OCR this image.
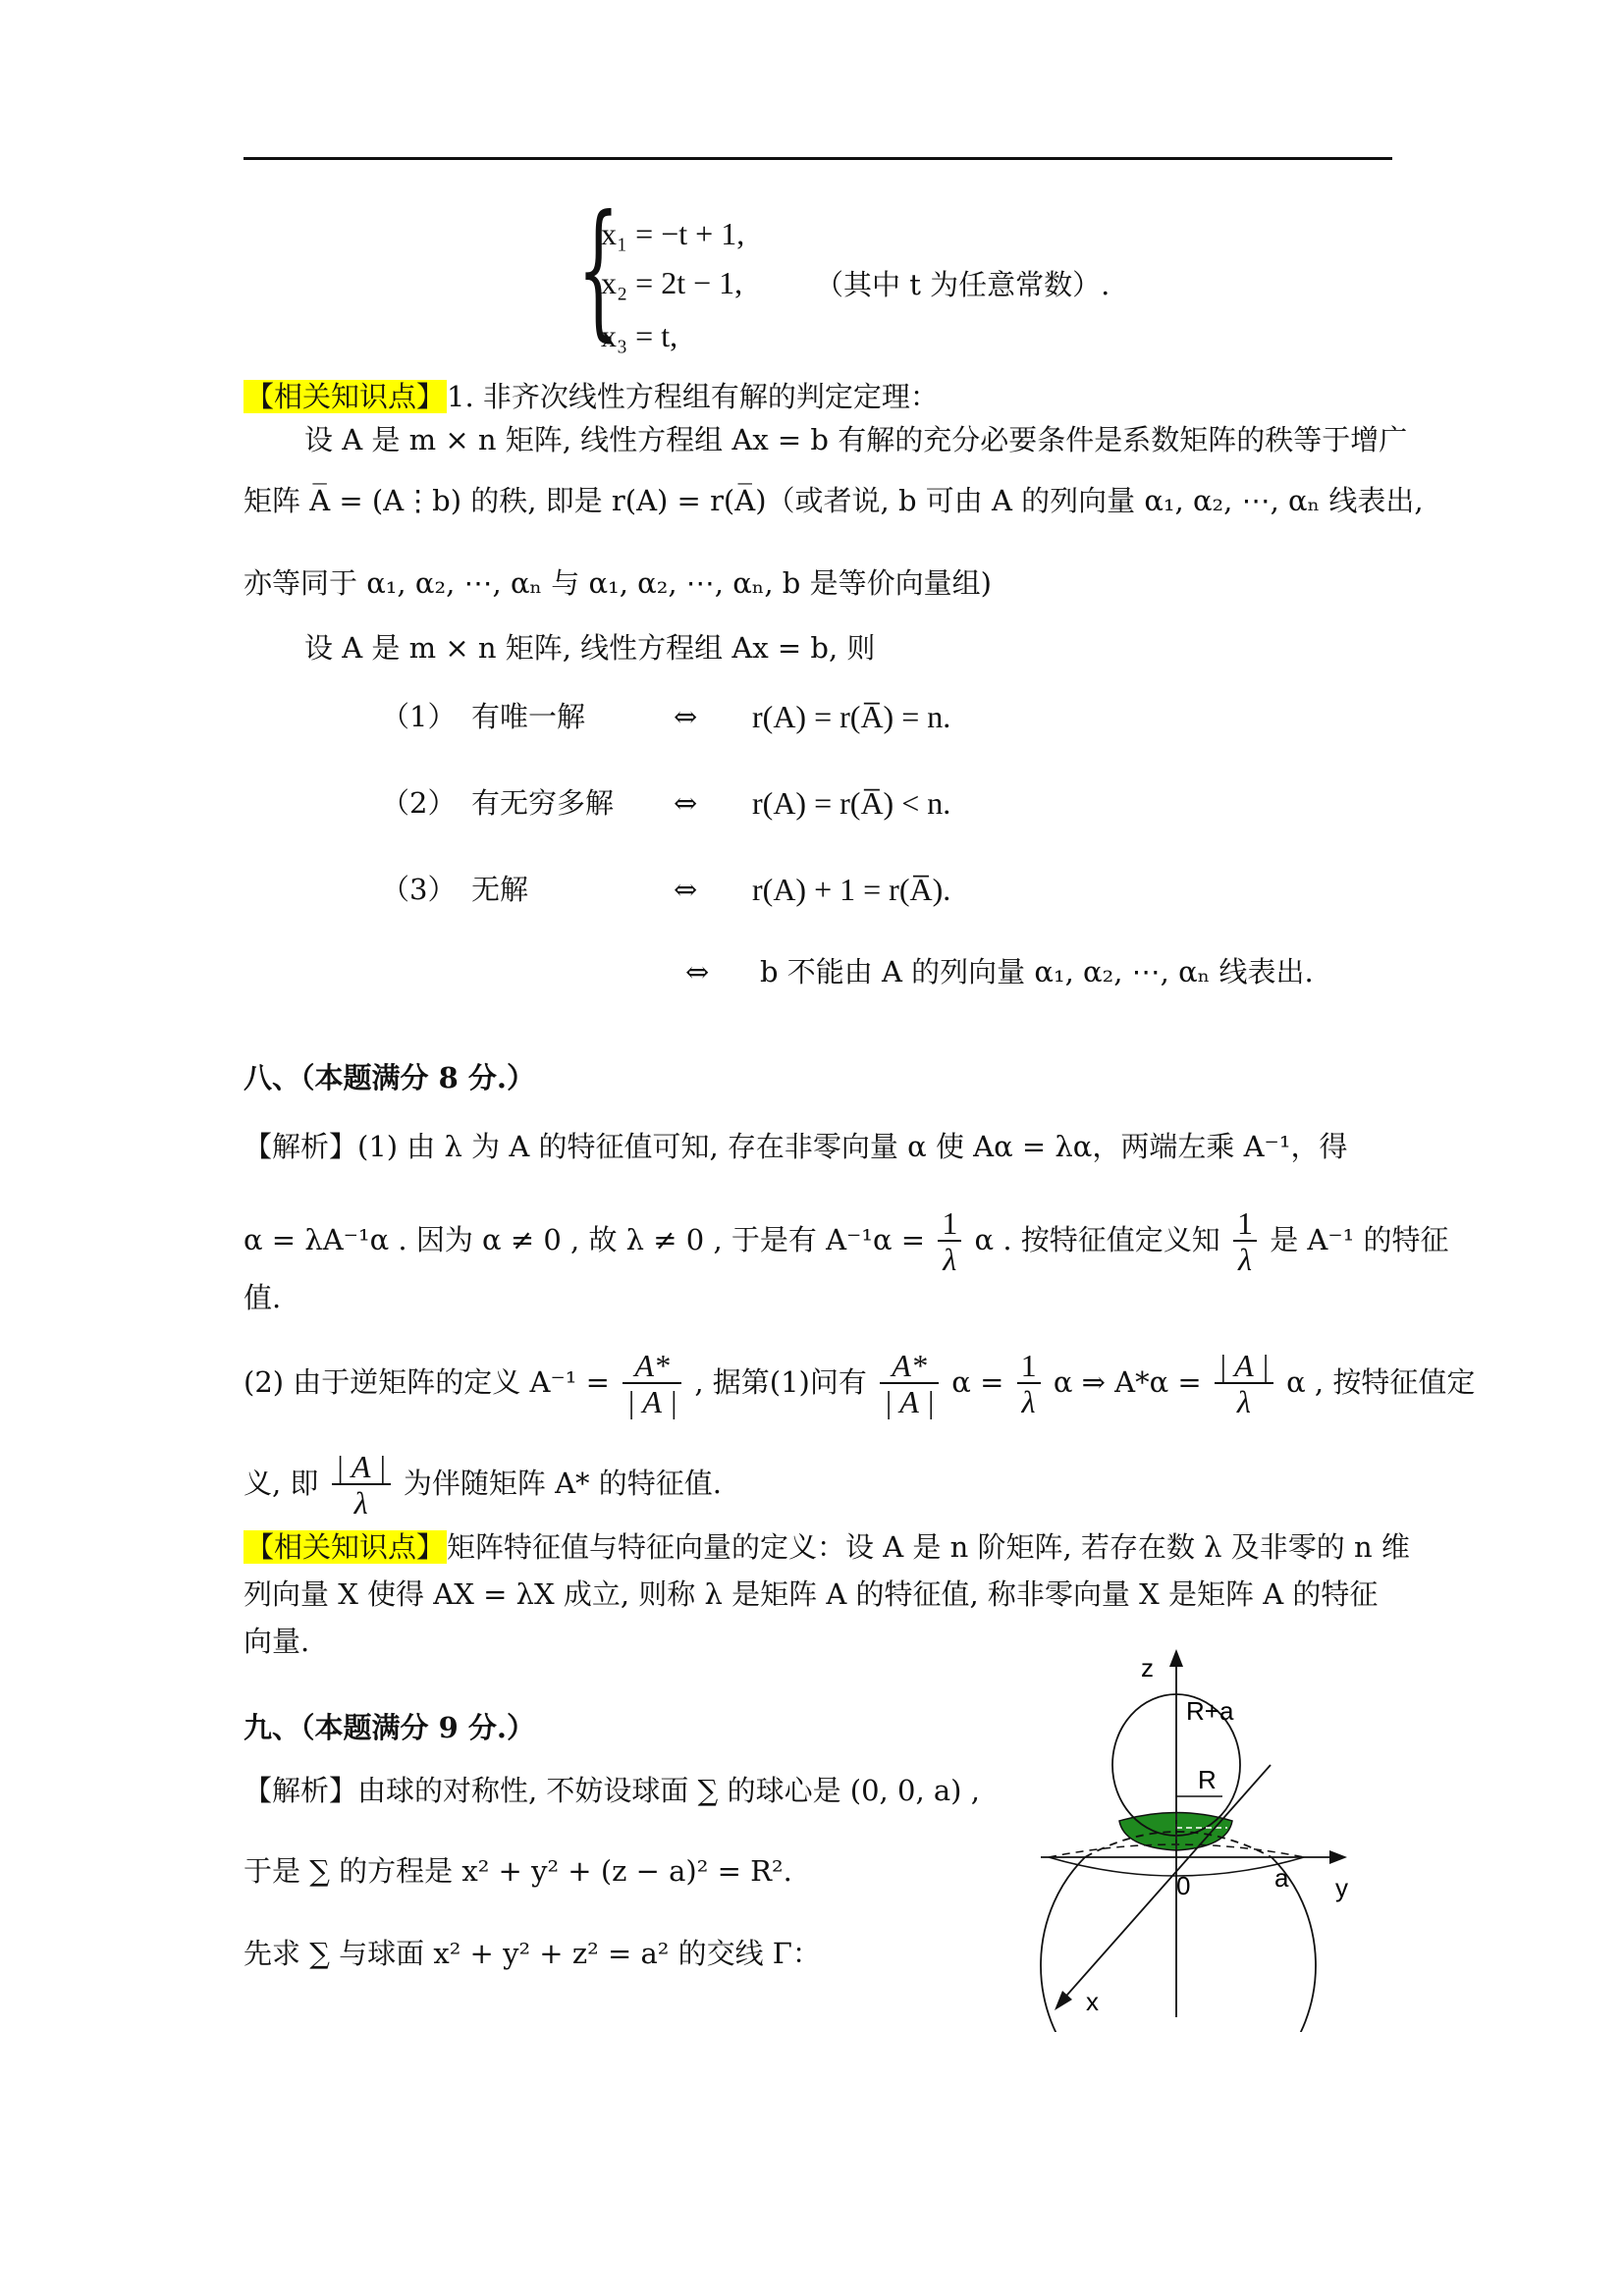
{
x₁ = −t + 1,
x₂ = 2t − 1,
x₃ = t,
（其中 t 为任意常数）.
【相关知识点】1. 非齐次线性方程组有解的判定定理：
设 A 是 m × n 矩阵, 线性方程组 Ax = b 有解的充分必要条件是系数矩阵的秩等于增广
矩阵 A̅ = (A⋮b) 的秩, 即是 r(A) = r(A̅)（或者说, b 可由 A 的列向量 α₁, α₂, ⋯, αₙ 线表出,
亦等同于 α₁, α₂, ⋯, αₙ 与 α₁, α₂, ⋯, αₙ, b 是等价向量组)
设 A 是 m × n 矩阵, 线性方程组 Ax = b, 则
（1） 有唯一解	⇔ r(A) = r(A̅) = n.
（2） 有无穷多解 ⇔ r(A) = r(A̅) < n.
（3） 无解	⇔ r(A) + 1 = r(A̅).
⇔ b 不能由 A 的列向量 α₁, α₂, ⋯, αₙ 线表出.
八、（本题满分 8 分.）
【解析】(1) 由 λ 为 A 的特征值可知, 存在非零向量 α 使 Aα = λα，两端左乘 A⁻¹，得
α = λA⁻¹α . 因为 α ≠ 0 , 故 λ ≠ 0 , 于是有 $A^{-1}\alpha = \frac{1}{\lambda}$ α . 按特征值定义知 $\frac{1}{\lambda}$ 是 A⁻¹ 的特征
值.
(2) 由于逆矩阵的定义 $A^{-1} = \frac{A*}{| A |}$ , 据第(1)问有 $\frac{A*}{| A |}$ $\alpha = \frac{1}{\lambda}$ α ⇒ $A*\alpha = \frac{| A |}{\lambda}$ α , 按特征值定
义, 即 $\frac{| A |}{\lambda}$ 为伴随矩阵 A* 的特征值.
【相关知识点】矩阵特征值与特征向量的定义：设 A 是 n 阶矩阵, 若存在数 λ 及非零的 n 维
列向量 X 使得 AX = λX 成立, 则称 λ 是矩阵 A 的特征值, 称非零向量 X 是矩阵 A 的特征
向量.
九、（本题满分 9 分.）
【解析】由球的对称性, 不妨设球面 ∑ 的球心是 (0, 0, a) ,
于是 ∑ 的方程是 x² + y² + (z − a)² = R².
先求 ∑ 与球面 x² + y² + z² = a² 的交线 Γ：
z
R+a
R
0	a y
x
